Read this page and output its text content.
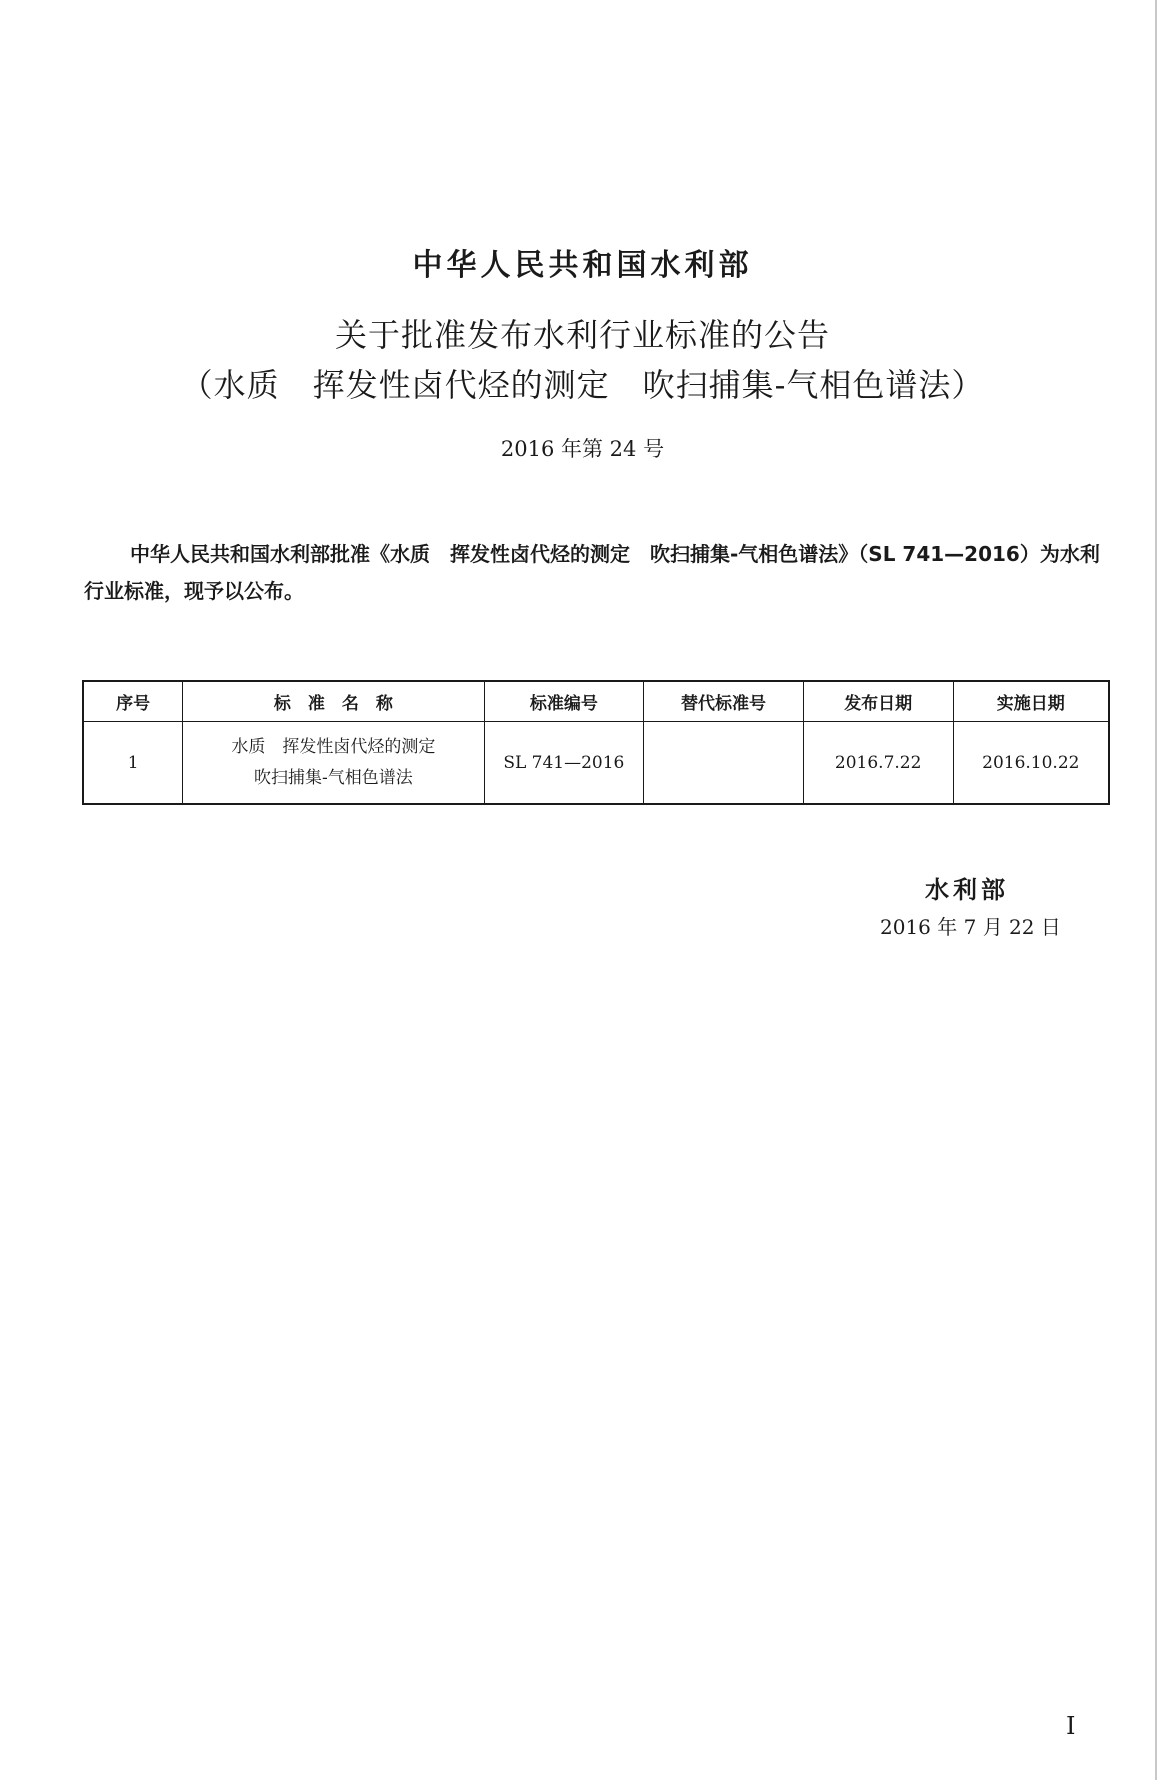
中华人民共和国水利部
关于批准发布水利行业标准的公告
（水质　挥发性卤代烃的测定　吹扫捕集-气相色谱法）
2016 年第 24 号
中华人民共和国水利部批准《水质　挥发性卤代烃的测定　吹扫捕集-气相色谱法》（SL 741—2016）为水利行业标准，现予以公布。
序号	标　准　名　称	标准编号	替代标准号	发布日期	实施日期
1	水质　挥发性卤代烃的测定
吹扫捕集-气相色谱法	SL 741—2016		2016.7.22	2016.10.22
水利部
2016 年 7 月 22 日
Ⅰ
